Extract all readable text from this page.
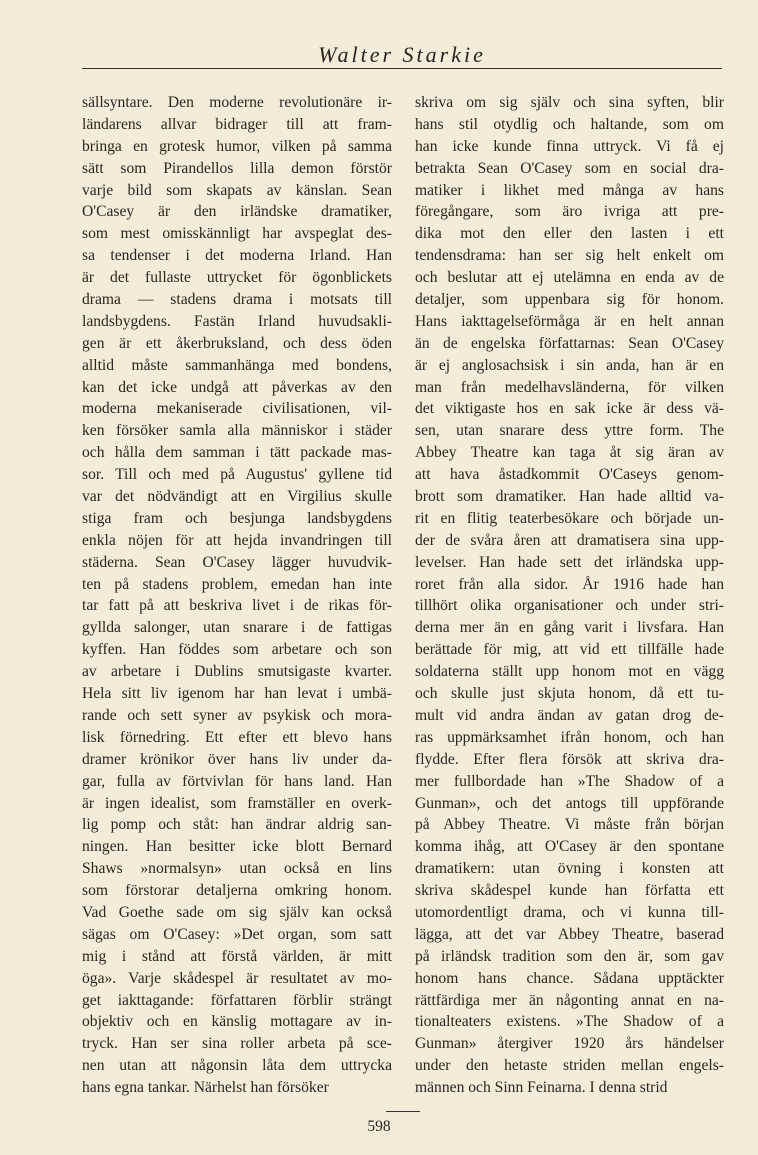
Walter Starkie
sällsyntare. Den moderne revolutionäre ir-
ländarens allvar bidrager till att fram-
bringa en grotesk humor, vilken på samma
sätt som Pirandellos lilla demon förstör
varje bild som skapats av känslan. Sean
O'Casey är den irländske dramatiker,
som mest omisskännligt har avspeglat des-
sa tendenser i det moderna Irland. Han
är det fullaste uttrycket för ögonblickets
drama — stadens drama i motsats till
landsbygdens. Fastän Irland huvudsakli-
gen är ett åkerbruksland, och dess öden
alltid måste sammanhänga med bondens,
kan det icke undgå att påverkas av den
moderna mekaniserade civilisationen, vil-
ken försöker samla alla människor i städer
och hålla dem samman i tätt packade mas-
sor. Till och med på Augustus' gyllene tid
var det nödvändigt att en Virgilius skulle
stiga fram och besjunga landsbygdens
enkla nöjen för att hejda invandringen till
städerna. Sean O'Casey lägger huvudvik-
ten på stadens problem, emedan han inte
tar fatt på att beskriva livet i de rikas för-
gyllda salonger, utan snarare i de fattigas
kyffen. Han föddes som arbetare och son
av arbetare i Dublins smutsigaste kvarter.
Hela sitt liv igenom har han levat i umbä-
rande och sett syner av psykisk och mora-
lisk förnedring. Ett efter ett blevo hans
dramer krönikor över hans liv under da-
gar, fulla av förtvivlan för hans land. Han
är ingen idealist, som framställer en overk-
lig pomp och ståt: han ändrar aldrig san-
ningen. Han besitter icke blott Bernard
Shaws »normalsyn» utan också en lins
som förstorar detaljerna omkring honom.
Vad Goethe sade om sig själv kan också
sägas om O'Casey: »Det organ, som satt
mig i stånd att förstå världen, är mitt
öga». Varje skådespel är resultatet av mo-
get iakttagande: författaren förblir strängt
objektiv och en känslig mottagare av in-
tryck. Han ser sina roller arbeta på sce-
nen utan att någonsin låta dem uttrycka
hans egna tankar. Närhelst han försöker
skriva om sig själv och sina syften, blir
hans stil otydlig och haltande, som om
han icke kunde finna uttryck. Vi få ej
betrakta Sean O'Casey som en social dra-
matiker i likhet med många av hans
föregångare, som äro ivriga att pre-
dika mot den eller den lasten i ett
tendensdrama: han ser sig helt enkelt om
och beslutar att ej utelämna en enda av de
detaljer, som uppenbara sig för honom.
Hans iakttagelseförmåga är en helt annan
än de engelska författarnas: Sean O'Casey
är ej anglosachsisk i sin anda, han är en
man från medelhavsländerna, för vilken
det viktigaste hos en sak icke är dess vä-
sen, utan snarare dess yttre form. The
Abbey Theatre kan taga åt sig äran av
att hava åstadkommit O'Caseys genom-
brott som dramatiker. Han hade alltid va-
rit en flitig teaterbesökare och började un-
der de svåra åren att dramatisera sina upp-
levelser. Han hade sett det irländska upp-
roret från alla sidor. År 1916 hade han
tillhört olika organisationer och under stri-
derna mer än en gång varit i livsfara. Han
berättade för mig, att vid ett tillfälle hade
soldaterna ställt upp honom mot en vägg
och skulle just skjuta honom, då ett tu-
mult vid andra ändan av gatan drog de-
ras uppmärksamhet ifrån honom, och han
flydde. Efter flera försök att skriva dra-
mer fullbordade han »The Shadow of a
Gunman», och det antogs till uppförande
på Abbey Theatre. Vi måste från början
komma ihåg, att O'Casey är den spontane
dramatikern: utan övning i konsten att
skriva skådespel kunde han författa ett
utomordentligt drama, och vi kunna till-
lägga, att det var Abbey Theatre, baserad
på irländsk tradition som den är, som gav
honom hans chance. Sådana upptäckter
rättfärdiga mer än någonting annat en na-
tionalteaters existens. »The Shadow of a
Gunman» återgiver 1920 års händelser
under den hetaste striden mellan engels-
männen och Sinn Feinarna. I denna strid
598
